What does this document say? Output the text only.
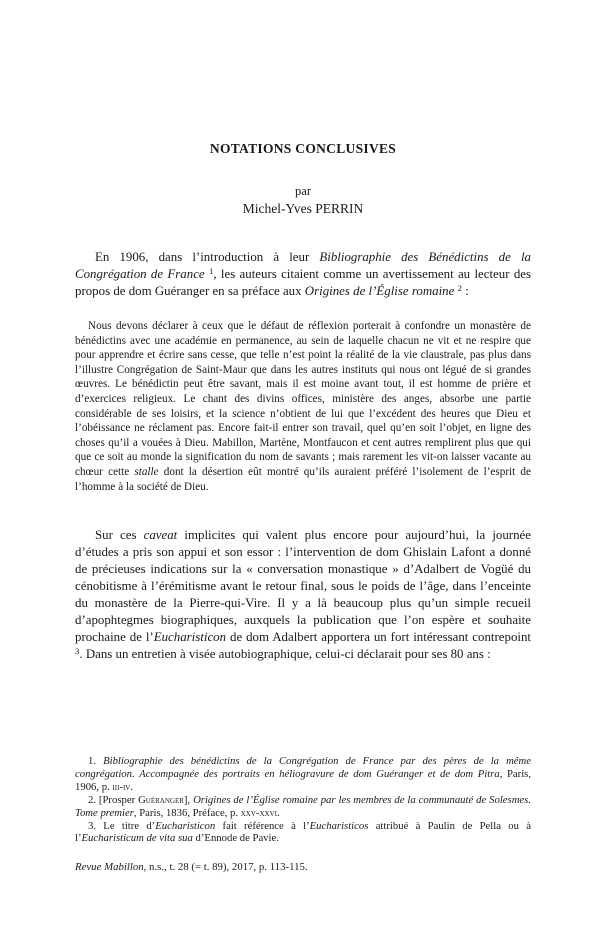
NOTATIONS CONCLUSIVES
par
Michel-Yves PERRIN

En 1906, dans l’introduction à leur Bibliographie des Bénédictins de la Congrégation de France $^1$, les auteurs citaient comme un avertissement au lecteur des propos de dom Guéranger en sa préface aux Origines de l’Église romaine $^2$ :

Nous devons déclarer à ceux que le défaut de réflexion porterait à confondre un monastère de bénédictins avec une académie en permanence, au sein de laquelle chacun ne vit et ne respire que pour apprendre et écrire sans cesse, que telle n’est point la réalité de la vie claustrale, pas plus dans l’illustre Congrégation de Saint-Maur que dans les autres instituts qui nous ont légué de si grandes œuvres. Le bénédictin peut être savant, mais il est moine avant tout, il est homme de prière et d’exercices religieux. Le chant des divins offices, ministère des anges, absorbe une partie considérable de ses loisirs, et la science n’obtient de lui que l’excédent des heures que Dieu et l’obéissance ne réclament pas. Encore fait-il entrer son travail, quel qu’en soit l’objet, en ligne des choses qu’il a vouées à Dieu. Mabillon, Martène, Montfaucon et cent autres remplirent plus que qui que ce soit au monde la signification du nom de savants ; mais rarement les vit-on laisser vacante au chœur cette stalle dont la désertion eût montré qu’ils auraient préféré l’isolement de l’esprit de l’homme à la société de Dieu.

Sur ces caveat implicites qui valent plus encore pour aujourd’hui, la journée d’études a pris son appui et son essor : l’intervention de dom Ghislain Lafont a donné de précieuses indications sur la « conversation monastique » d’Adalbert de Vogüé du cénobitisme à l’érémitisme avant le retour final, sous le poids de l’âge, dans l’enceinte du monastère de la Pierre-qui-Vire. Il y a là beaucoup plus qu’un simple recueil d’apophtegmes biographiques, auxquels la publication que l’on espère et souhaite prochaine de l’Eucharisticon de dom Adalbert apportera un fort intéressant contrepoint $^3$. Dans un entretien à visée autobiographique, celui-ci déclarait pour ses 80 ans :

1. Bibliographie des bénédictins de la Congrégation de France par des pères de la même congrégation. Accompagnée des portraits en héliogravure de dom Guéranger et de dom Pitra, Paris, 1906, p. iii-iv.

2. [Prosper Guéranger], Origines de l’Église romaine par les membres de la communauté de Solesmes. Tome premier, Paris, 1836, Préface, p. xxv-xxvi.

3. Le titre d’Eucharisticon fait référence à l’Eucharisticos attribué à Paulin de Pella ou à l’Eucharisticum de vita sua d’Ennode de Pavie.

Revue Mabillon, n.s., t. 28 (= t. 89), 2017, p. 113-115.
